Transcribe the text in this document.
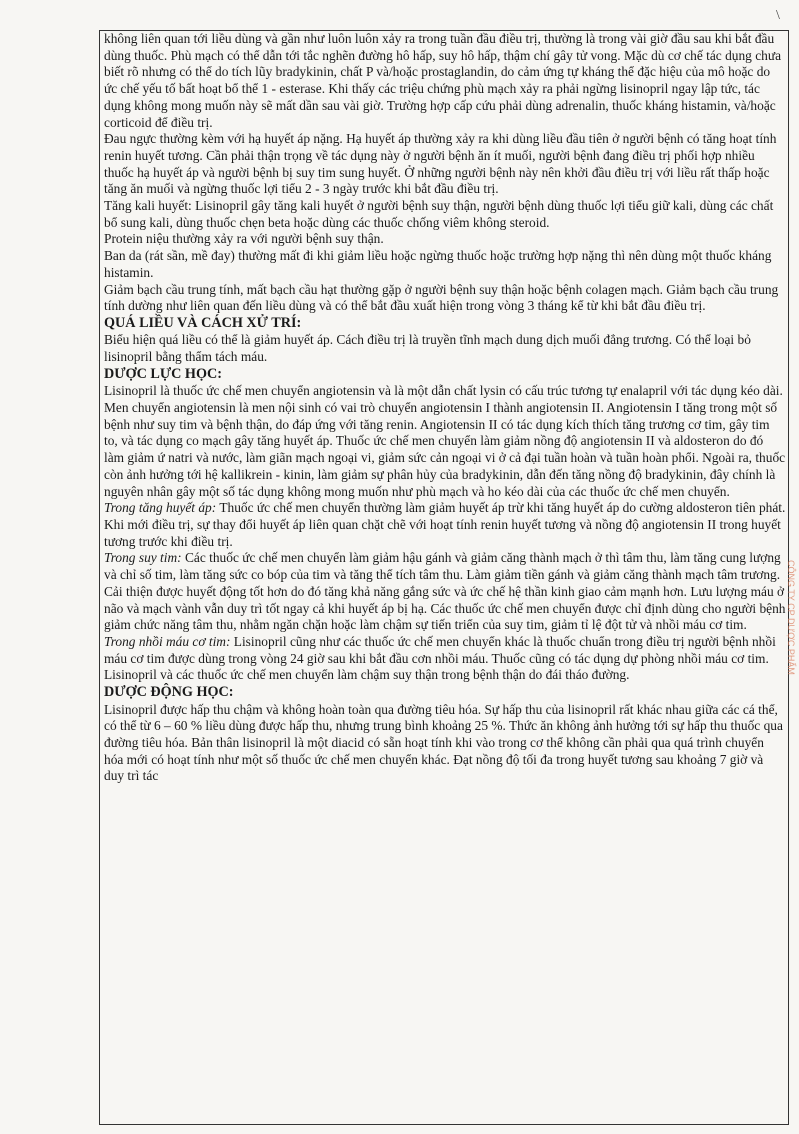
\

không liên quan tới liều dùng và gần như luôn luôn xảy ra trong tuần đầu điều trị, thường là trong vài giờ đầu sau khi bắt đầu dùng thuốc. Phù mạch có thể dẫn tới tắc nghẽn đường hô hấp, suy hô hấp, thậm chí gây tử vong. Mặc dù cơ chế tác dụng chưa biết rõ nhưng có thể do tích lũy bradykinin, chất P và/hoặc prostaglandin, do cảm ứng tự kháng thể đặc hiệu của mô hoặc do ức chế yếu tố bất hoạt bổ thể 1 - esterase. Khi thấy các triệu chứng phù mạch xảy ra phải ngừng lisinopril ngay lập tức, tác dụng không mong muốn này sẽ mất dần sau vài giờ. Trường hợp cấp cứu phải dùng adrenalin, thuốc kháng histamin, và/hoặc corticoid để điều trị.

Đau ngực thường kèm với hạ huyết áp nặng. Hạ huyết áp thường xảy ra khi dùng liều đầu tiên ở người bệnh có tăng hoạt tính renin huyết tương. Cần phải thận trọng về tác dụng này ở người bệnh ăn ít muối, người bệnh đang điều trị phối hợp nhiều thuốc hạ huyết áp và người bệnh bị suy tim sung huyết. Ở những người bệnh này nên khởi đầu điều trị với liều rất thấp hoặc tăng ăn muối và ngừng thuốc lợi tiểu 2 - 3 ngày trước khi bắt đầu điều trị.

Tăng kali huyết: Lisinopril gây tăng kali huyết ở người bệnh suy thận, người bệnh dùng thuốc lợi tiểu giữ kali, dùng các chất bổ sung kali, dùng thuốc chẹn beta hoặc dùng các thuốc chống viêm không steroid.

Protein niệu thường xảy ra với người bệnh suy thận.

Ban da (rát sần, mề đay) thường mất đi khi giảm liều hoặc ngừng thuốc hoặc trường hợp nặng thì nên dùng một thuốc kháng histamin.

Giảm bạch cầu trung tính, mất bạch cầu hạt thường gặp ở người bệnh suy thận hoặc bệnh colagen mạch. Giảm bạch cầu trung tính dường như liên quan đến liều dùng và có thể bắt đầu xuất hiện trong vòng 3 tháng kể từ khi bắt đầu điều trị.

QUÁ LIỀU VÀ CÁCH XỬ TRÍ:

Biểu hiện quá liều có thể là giảm huyết áp. Cách điều trị là truyền tĩnh mạch dung dịch muối đẳng trương. Có thể loại bỏ lisinopril bằng thẩm tách máu.

DƯỢC LỰC HỌC:

Lisinopril là thuốc ức chế men chuyển angiotensin và là một dẫn chất lysin có cấu trúc tương tự enalapril với tác dụng kéo dài. Men chuyển angiotensin là men nội sinh có vai trò chuyển angiotensin I thành angiotensin II. Angiotensin I tăng trong một số bệnh như suy tim và bệnh thận, do đáp ứng với tăng renin. Angiotensin II có tác dụng kích thích tăng trương cơ tim, gây tim to, và tác dụng co mạch gây tăng huyết áp. Thuốc ức chế men chuyển làm giảm nồng độ angiotensin II và aldosteron do đó làm giảm ứ natri và nước, làm giãn mạch ngoại vi, giảm sức cản ngoại vi ở cả đại tuần hoàn và tuần hoàn phổi. Ngoài ra, thuốc còn ảnh hưởng tới hệ kallikrein - kinin, làm giảm sự phân hủy của bradykinin, dẫn đến tăng nồng độ bradykinin, đây chính là nguyên nhân gây một số tác dụng không mong muốn như phù mạch và ho kéo dài của các thuốc ức chế men chuyển.

Trong tăng huyết áp: Thuốc ức chế men chuyển thường làm giảm huyết áp trừ khi tăng huyết áp do cường aldosteron tiên phát. Khi mới điều trị, sự thay đổi huyết áp liên quan chặt chẽ với hoạt tính renin huyết tương và nồng độ angiotensin II trong huyết tương trước khi điều trị.

Trong suy tim: Các thuốc ức chế men chuyển làm giảm hậu gánh và giảm căng thành mạch ở thì tâm thu, làm tăng cung lượng và chỉ số tim, làm tăng sức co bóp của tim và tăng thể tích tâm thu. Làm giảm tiền gánh và giảm căng thành mạch tâm trương. Cải thiện được huyết động tốt hơn do đó tăng khả năng gắng sức và ức chế hệ thần kinh giao cảm mạnh hơn. Lưu lượng máu ở não và mạch vành vẫn duy trì tốt ngay cả khi huyết áp bị hạ. Các thuốc ức chế men chuyển được chỉ định dùng cho người bệnh giảm chức năng tâm thu, nhằm ngăn chặn hoặc làm chậm sự tiến triển của suy tim, giảm tỉ lệ đột tử và nhồi máu cơ tim.

Trong nhồi máu cơ tim: Lisinopril cũng như các thuốc ức chế men chuyển khác là thuốc chuẩn trong điều trị người bệnh nhồi máu cơ tim được dùng trong vòng 24 giờ sau khi bắt đầu cơn nhồi máu. Thuốc cũng có tác dụng dự phòng nhồi máu cơ tim.

Lisinopril và các thuốc ức chế men chuyển làm chậm suy thận trong bệnh thận do đái tháo đường.

DƯỢC ĐỘNG HỌC:

Lisinopril được hấp thu chậm và không hoàn toàn qua đường tiêu hóa. Sự hấp thu của lisinopril rất khác nhau giữa các cá thể, có thể từ 6 – 60 % liều dùng được hấp thu, nhưng trung bình khoảng 25 %. Thức ăn không ảnh hưởng tới sự hấp thu thuốc qua đường tiêu hóa. Bản thân lisinopril là một diacid có sẵn hoạt tính khi vào trong cơ thể không cần phải qua quá trình chuyển hóa mới có hoạt tính như một số thuốc ức chế men chuyển khác. Đạt nồng độ tối đa trong huyết tương sau khoảng 7 giờ và duy trì tác

CÔNG TY CP DƯỢC PHẨM
